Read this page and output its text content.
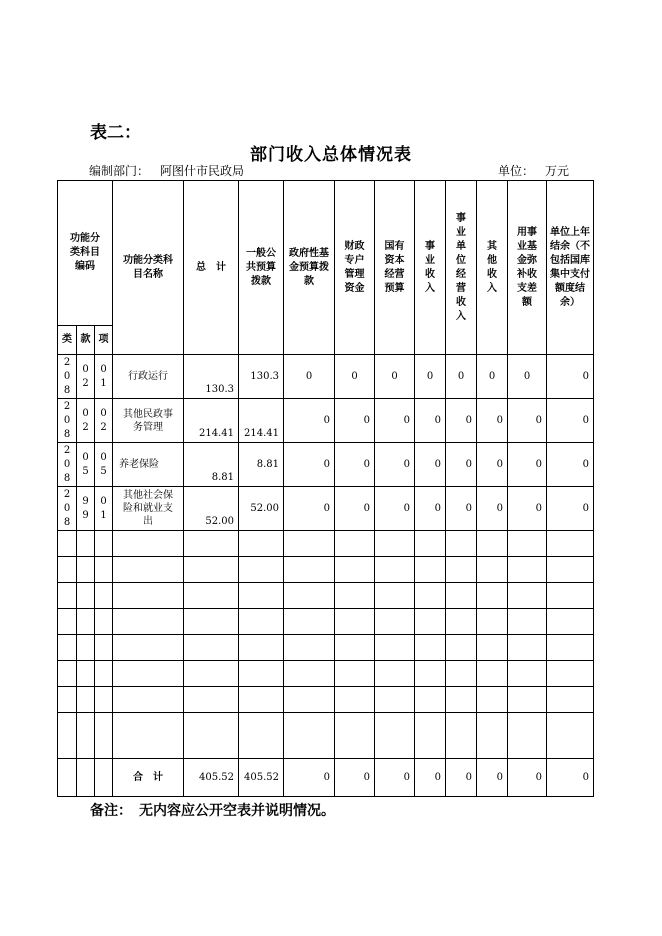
表二：
部门收入总体情况表
编制部门： 阿图什市民政局	单位： 万元
功能分类科目编码			功能分类科目名称	总　计	一般公共预算拨款	政府性基金预算拨款	财政专户管理资金	国有资本经营预算	事业收入	事业单位经营收入	其他收入	用事业基金弥补收支差额	单位上年结余（不包括国库集中支付额度结余）
类	款	项											
208	02	01	行政运行	130.3	130.3	0	0	0	0	0	0	0	0
208	02	02	其他民政事务管理	214.41	214.41	0	0	0	0	0	0	0	0
208	05	05	养老保险	8.81	8.81	0	0	0	0	0	0	0	0
208	99	01	其他社会保险和就业支出	52.00	52.00	0	0	0	0	0	0	0	0

			合　计	405.52	405.52	0	0	0	0	0	0	0	0
备注：　无内容应公开空表并说明情况。
